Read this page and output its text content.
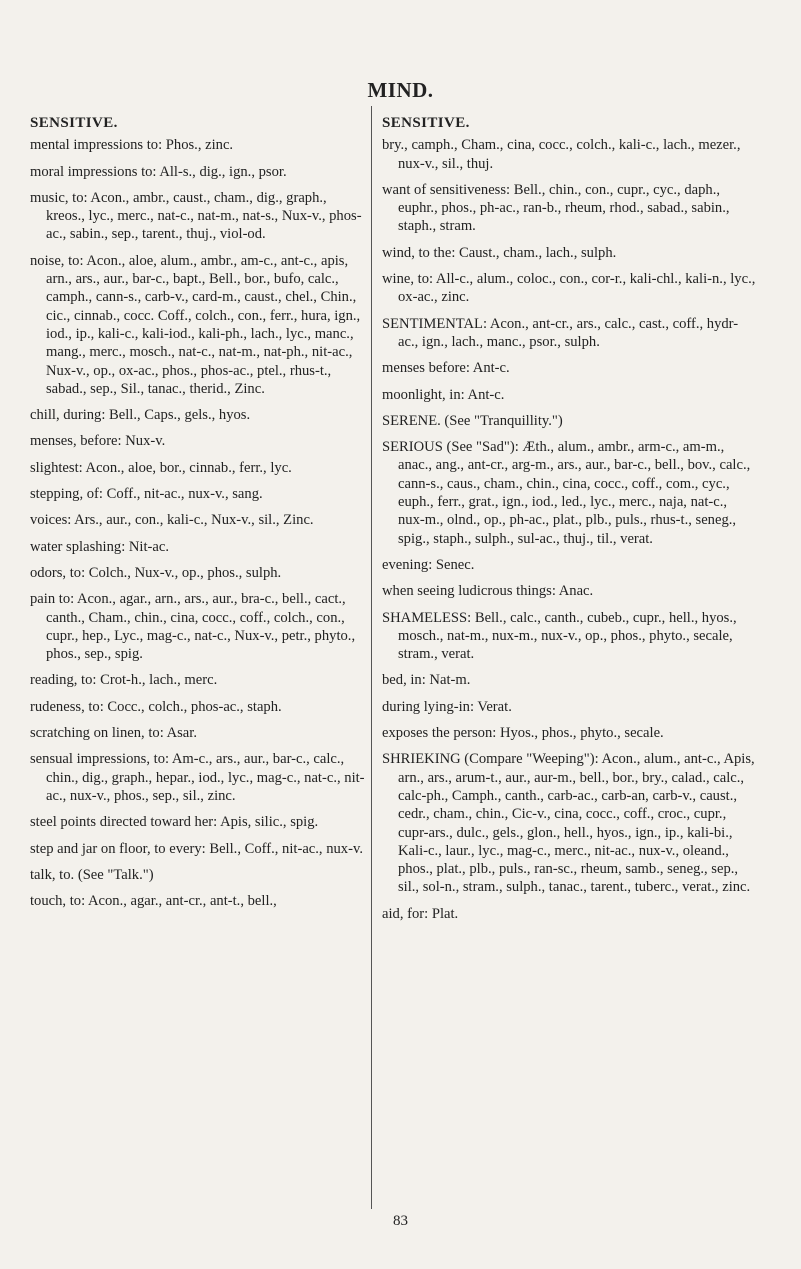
MIND.
SENSITIVE.

mental impressions to: Phos., zinc.

moral impressions to: All-s., dig., ign., psor.

music, to: Acon., ambr., caust., cham., dig., graph., kreos., lyc., merc., nat-c., nat-m., nat-s., Nux-v., phos-ac., sabin., sep., tarent., thuj., viol-od.

noise, to: Acon., aloe, alum., ambr., am-c., ant-c., apis, arn., ars., aur., bar-c., bapt., Bell., bor., bufo, calc., camph., cann-s., carb-v., card-m., caust., chel., Chin., cic., cinnab., cocc. Coff., colch., con., ferr., hura, ign., iod., ip., kali-c., kali-iod., kali-ph., lach., lyc., manc., mang., merc., mosch., nat-c., nat-m., nat-ph., nit-ac., Nux-v., op., ox-ac., phos., phos-ac., ptel., rhus-t., sabad., sep., Sil., tanac., therid., Zinc.

chill, during: Bell., Caps., gels., hyos.

menses, before: Nux-v.

slightest: Acon., aloe, bor., cinnab., ferr., lyc.

stepping, of: Coff., nit-ac., nux-v., sang.

voices: Ars., aur., con., kali-c., Nux-v., sil., Zinc.

water splashing: Nit-ac.

odors, to: Colch., Nux-v., op., phos., sulph.

pain to: Acon., agar., arn., ars., aur., bra-c., bell., cact., canth., Cham., chin., cina, cocc., coff., colch., con., cupr., hep., Lyc., mag-c., nat-c., Nux-v., petr., phyto., phos., sep., spig.

reading, to: Crot-h., lach., merc.

rudeness, to: Cocc., colch., phos-ac., staph.

scratching on linen, to: Asar.

sensual impressions, to: Am-c., ars., aur., bar-c., calc., chin., dig., graph., hepar., iod., lyc., mag-c., nat-c., nit-ac., nux-v., phos., sep., sil., zinc.

steel points directed toward her: Apis, silic., spig.

step and jar on floor, to every: Bell., Coff., nit-ac., nux-v.

talk, to. (See "Talk.")

touch, to: Acon., agar., ant-cr., ant-t., bell.,

SENSITIVE.

bry., camph., Cham., cina, cocc., colch., kali-c., lach., mezer., nux-v., sil., thuj.

want of sensitiveness: Bell., chin., con., cupr., cyc., daph., euphr., phos., ph-ac., ran-b., rheum, rhod., sabad., sabin., staph., stram.

wind, to the: Caust., cham., lach., sulph.

wine, to: All-c., alum., coloc., con., cor-r., kali-chl., kali-n., lyc., ox-ac., zinc.

SENTIMENTAL: Acon., ant-cr., ars., calc., cast., coff., hydr-ac., ign., lach., manc., psor., sulph.

menses before: Ant-c.

moonlight, in: Ant-c.

SERENE. (See "Tranquillity.")

SERIOUS (See "Sad"): Æth., alum., ambr., arm-c., am-m., anac., ang., ant-cr., arg-m., ars., aur., bar-c., bell., bov., calc., cann-s., caus., cham., chin., cina, cocc., coff., com., cyc., euph., ferr., grat., ign., iod., led., lyc., merc., naja, nat-c., nux-m., olnd., op., ph-ac., plat., plb., puls., rhus-t., seneg., spig., staph., sulph., sul-ac., thuj., til., verat.

evening: Senec.

when seeing ludicrous things: Anac.

SHAMELESS: Bell., calc., canth., cubeb., cupr., hell., hyos., mosch., nat-m., nux-m., nux-v., op., phos., phyto., secale, stram., verat.

bed, in: Nat-m.

during lying-in: Verat.

exposes the person: Hyos., phos., phyto., secale.

SHRIEKING (Compare "Weeping"): Acon., alum., ant-c., Apis, arn., ars., arum-t., aur., aur-m., bell., bor., bry., calad., calc., calc-ph., Camph., canth., carb-ac., carb-an, carb-v., caust., cedr., cham., chin., Cic-v., cina, cocc., coff., croc., cupr., cupr-ars., dulc., gels., glon., hell., hyos., ign., ip., kali-bi., Kali-c., laur., lyc., mag-c., merc., nit-ac., nux-v., oleand., phos., plat., plb., puls., ran-sc., rheum, samb., seneg., sep., sil., sol-n., stram., sulph., tanac., tarent., tuberc., verat., zinc.

aid, for: Plat.

83
